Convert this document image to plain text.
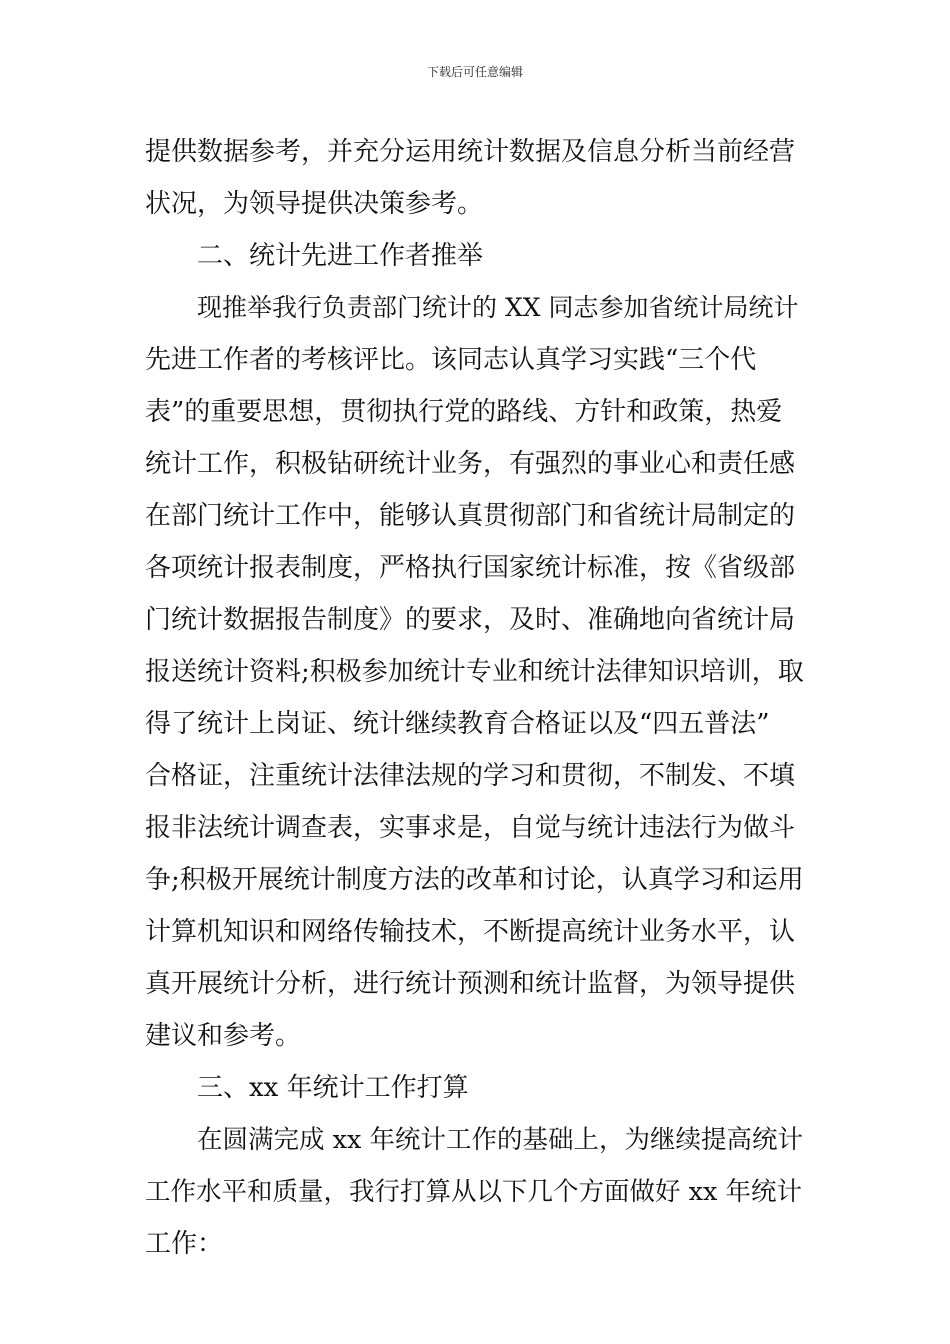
下载后可任意编辑
提供数据参考，并充分运用统计数据及信息分析当前经营
状况，为领导提供决策参考。
二、统计先进工作者推举
现推举我行负责部门统计的 XX 同志参加省统计局统计
先进工作者的考核评比。该同志认真学习实践“三个代
表”的重要思想，贯彻执行党的路线、方针和政策，热爱
统计工作，积极钻研统计业务，有强烈的事业心和责任感
在部门统计工作中，能够认真贯彻部门和省统计局制定的
各项统计报表制度，严格执行国家统计标准，按《省级部
门统计数据报告制度》的要求，及时、准确地向省统计局
报送统计资料;积极参加统计专业和统计法律知识培训，取
得了统计上岗证、统计继续教育合格证以及“四五普法”
合格证，注重统计法律法规的学习和贯彻，不制发、不填
报非法统计调查表，实事求是，自觉与统计违法行为做斗
争;积极开展统计制度方法的改革和讨论，认真学习和运用
计算机知识和网络传输技术，不断提高统计业务水平，认
真开展统计分析，进行统计预测和统计监督，为领导提供
建议和参考。
三、xx 年统计工作打算
在圆满完成 xx 年统计工作的基础上，为继续提高统计
工作水平和质量，我行打算从以下几个方面做好 xx 年统计
工作：
